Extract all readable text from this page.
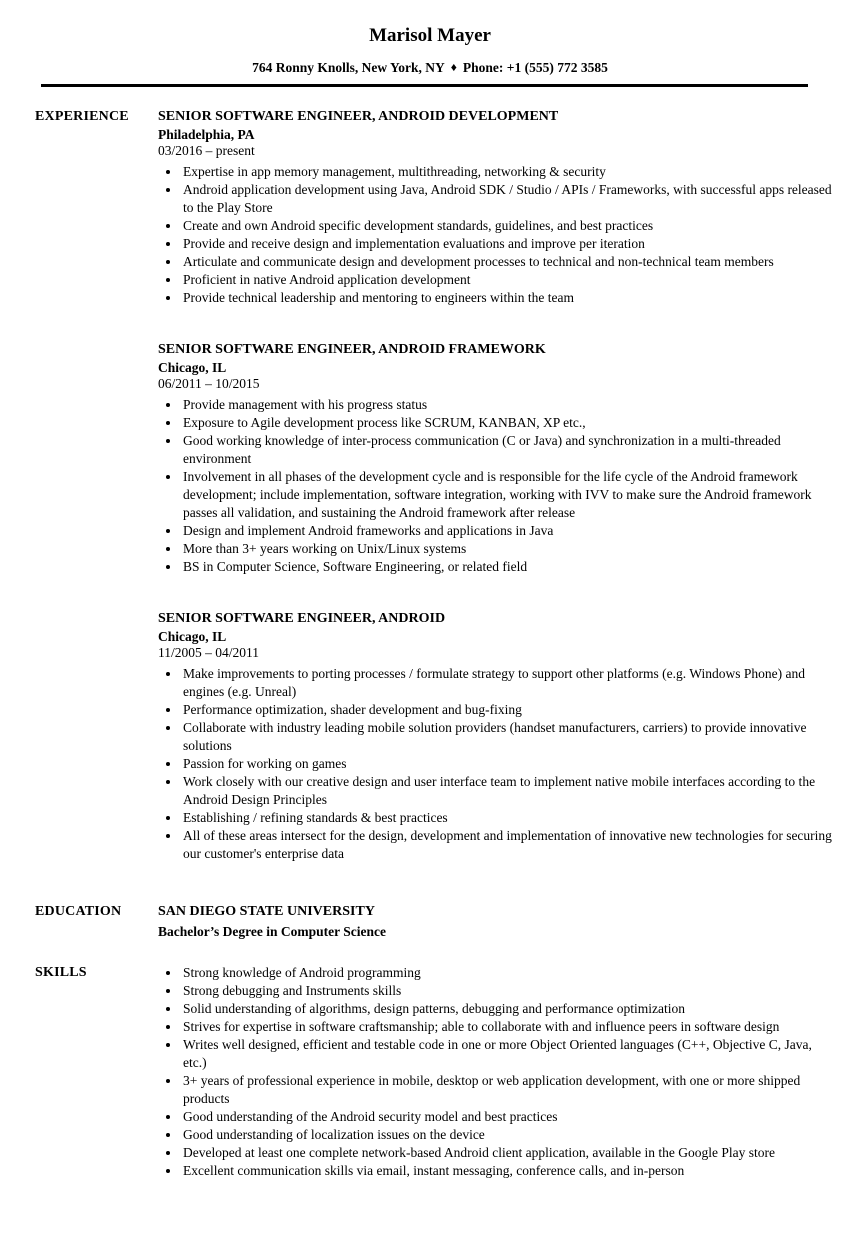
Marisol Mayer
764 Ronny Knolls, New York, NY ♦ Phone: +1 (555) 772 3585
EXPERIENCE	SENIOR SOFTWARE ENGINEER, ANDROID DEVELOPMENT
Philadelphia, PA
03/2016 – present
• Expertise in app memory management, multithreading, networking & security
• Android application development using Java, Android SDK / Studio / APIs / Frameworks, with successful apps released to the Play Store
• Create and own Android specific development standards, guidelines, and best practices
• Provide and receive design and implementation evaluations and improve per iteration
• Articulate and communicate design and development processes to technical and non-technical team members
• Proficient in native Android application development
• Provide technical leadership and mentoring to engineers within the team
SENIOR SOFTWARE ENGINEER, ANDROID FRAMEWORK
Chicago, IL
06/2011 – 10/2015
• Provide management with his progress status
• Exposure to Agile development process like SCRUM, KANBAN, XP etc.,
• Good working knowledge of inter-process communication (C or Java) and synchronization in a multi-threaded environment
• Involvement in all phases of the development cycle and is responsible for the life cycle of the Android framework development; include implementation, software integration, working with IVV to make sure the Android framework passes all validation, and sustaining the Android framework after release
• Design and implement Android frameworks and applications in Java
• More than 3+ years working on Unix/Linux systems
• BS in Computer Science, Software Engineering, or related field
SENIOR SOFTWARE ENGINEER, ANDROID
Chicago, IL
11/2005 – 04/2011
• Make improvements to porting processes / formulate strategy to support other platforms (e.g. Windows Phone) and engines (e.g. Unreal)
• Performance optimization, shader development and bug-fixing
• Collaborate with industry leading mobile solution providers (handset manufacturers, carriers) to provide innovative solutions
• Passion for working on games
• Work closely with our creative design and user interface team to implement native mobile interfaces according to the Android Design Principles
• Establishing / refining standards & best practices
• All of these areas intersect for the design, development and implementation of innovative new technologies for securing our customer's enterprise data
EDUCATION	SAN DIEGO STATE UNIVERSITY
Bachelor’s Degree in Computer Science
SKILLS	• Strong knowledge of Android programming
• Strong debugging and Instruments skills
• Solid understanding of algorithms, design patterns, debugging and performance optimization
• Strives for expertise in software craftsmanship; able to collaborate with and influence peers in software design
• Writes well designed, efficient and testable code in one or more Object Oriented languages (C++, Objective C, Java, etc.)
• 3+ years of professional experience in mobile, desktop or web application development, with one or more shipped products
• Good understanding of the Android security model and best practices
• Good understanding of localization issues on the device
• Developed at least one complete network-based Android client application, available in the Google Play store
• Excellent communication skills via email, instant messaging, conference calls, and in-person
